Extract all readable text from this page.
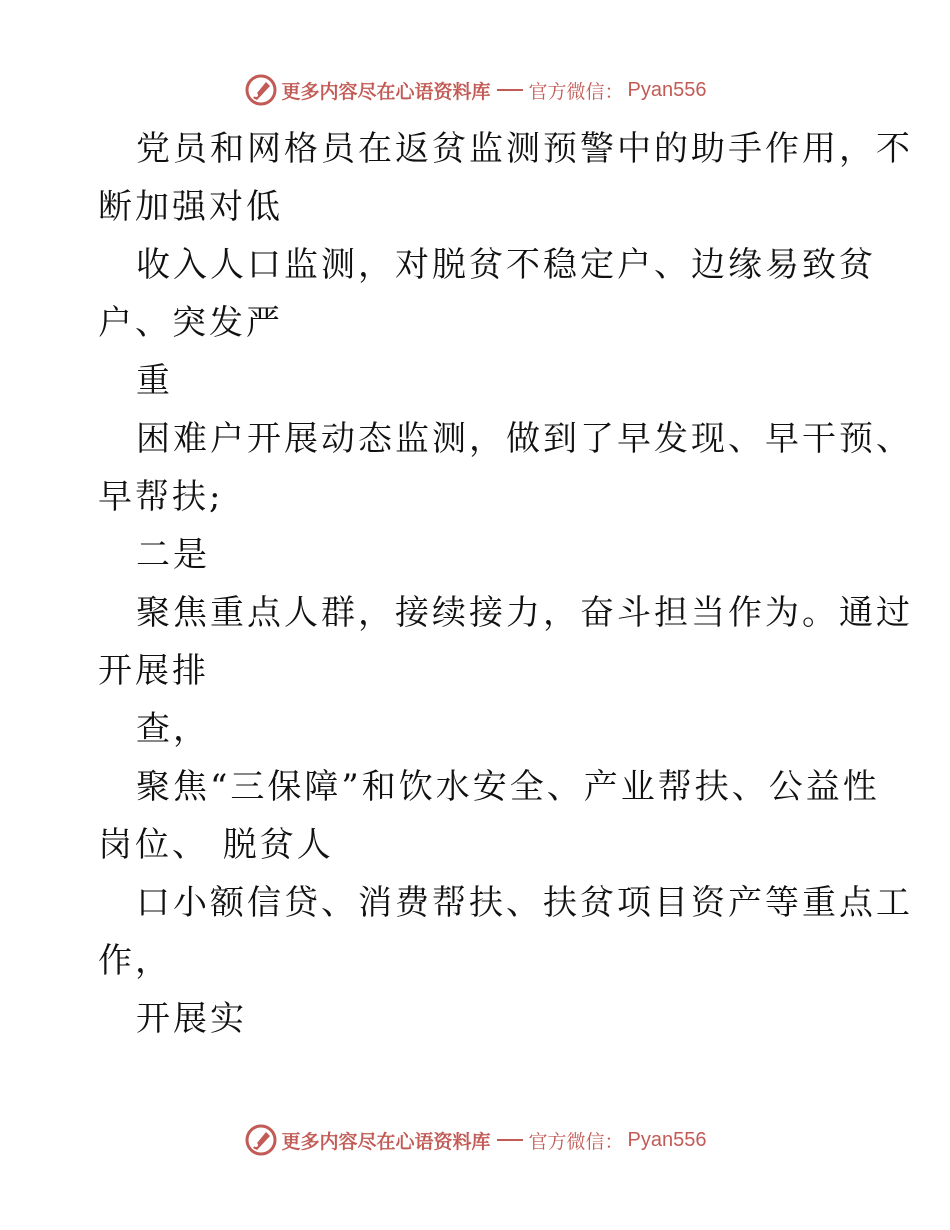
更多内容尽在心语资料库 官方微信： Pyan556
党员和网格员在返贫监测预警中的助手作用，不
断加强对低
收入人口监测，对脱贫不稳定户、边缘易致贫
户、突发严
重
困难户开展动态监测，做到了早发现、早干预、
早帮扶;
二是
聚焦重点人群，接续接力，奋斗担当作为。通过
开展排
查，
聚焦“三保障”和饮水安全、产业帮扶、公益性
岗位、 脱贫人
口小额信贷、消费帮扶、扶贫项目资产等重点工
作，
开展实
更多内容尽在心语资料库 官方微信： Pyan556
